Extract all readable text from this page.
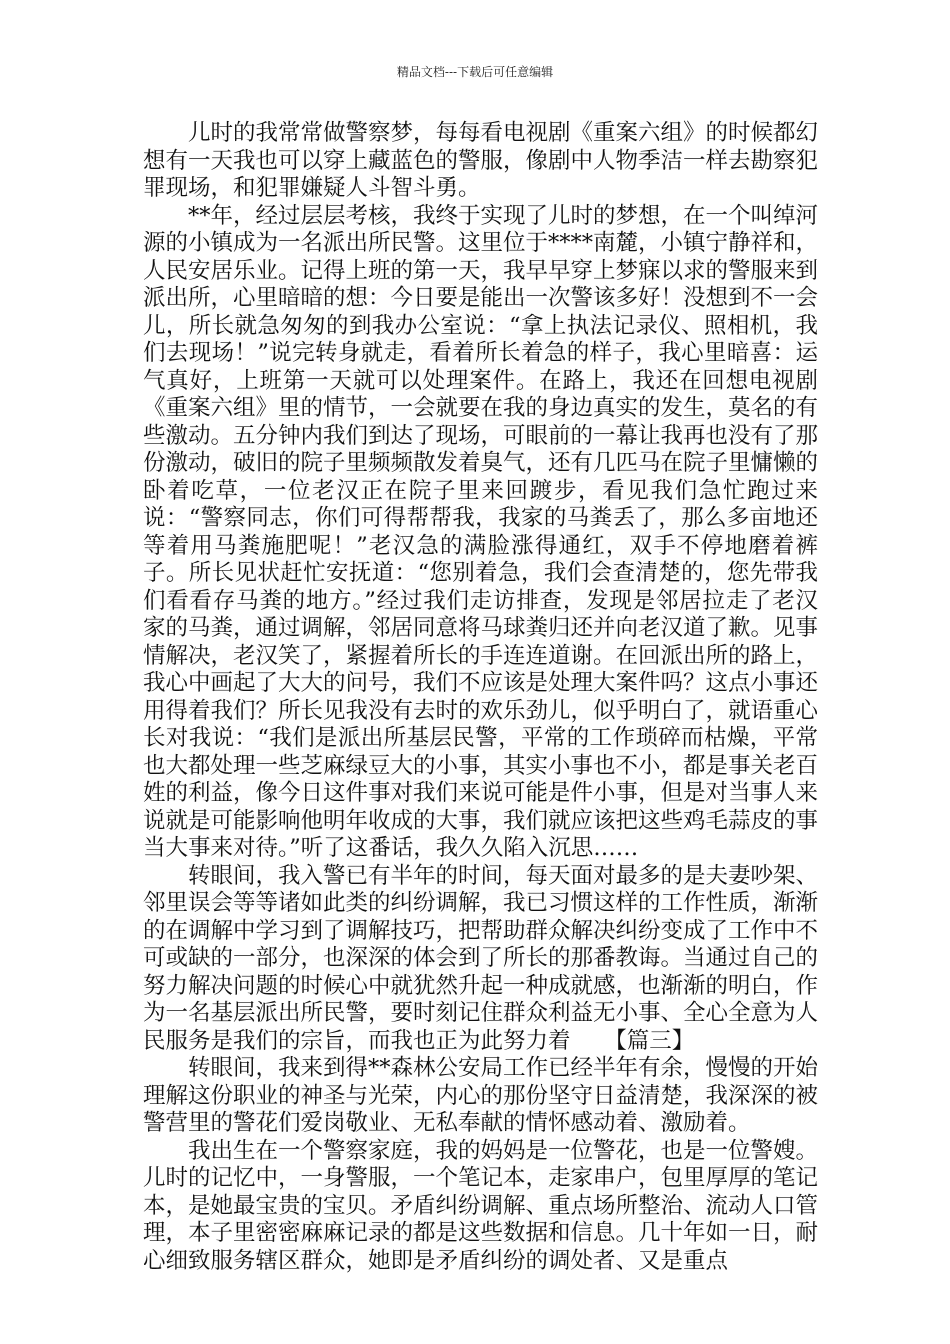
精品文档---下载后可任意编辑

儿时的我常常做警察梦，每每看电视剧《重案六组》的时候都幻想有一天我也可以穿上藏蓝色的警服，像剧中人物季洁一样去勘察犯罪现场，和犯罪嫌疑人斗智斗勇。

**年，经过层层考核，我终于实现了儿时的梦想，在一个叫绰河源的小镇成为一名派出所民警。这里位于****南麓，小镇宁静祥和，人民安居乐业。记得上班的第一天，我早早穿上梦寐以求的警服来到派出所，心里暗暗的想：今日要是能出一次警该多好！没想到不一会儿，所长就急匆匆的到我办公室说：“拿上执法记录仪、照相机，我们去现场！”说完转身就走，看着所长着急的样子，我心里暗喜：运气真好，上班第一天就可以处理案件。在路上，我还在回想电视剧《重案六组》里的情节，一会就要在我的身边真实的发生，莫名的有些激动。五分钟内我们到达了现场，可眼前的一幕让我再也没有了那份激动，破旧的院子里频频散发着臭气，还有几匹马在院子里慵懒的卧着吃草，一位老汉正在院子里来回踱步，看见我们急忙跑过来说：“警察同志，你们可得帮帮我，我家的马粪丢了，那么多亩地还等着用马粪施肥呢！”老汉急的满脸涨得通红，双手不停地磨着裤子。所长见状赶忙安抚道：“您别着急，我们会查清楚的，您先带我们看看存马粪的地方。”经过我们走访排查，发现是邻居拉走了老汉家的马粪，通过调解，邻居同意将马球粪归还并向老汉道了歉。见事情解决，老汉笑了，紧握着所长的手连连道谢。在回派出所的路上，我心中画起了大大的问号，我们不应该是处理大案件吗？这点小事还用得着我们？所长见我没有去时的欢乐劲儿，似乎明白了，就语重心长对我说：“我们是派出所基层民警，平常的工作琐碎而枯燥，平常也大都处理一些芝麻绿豆大的小事，其实小事也不小，都是事关老百姓的利益，像今日这件事对我们来说可能是件小事，但是对当事人来说就是可能影响他明年收成的大事，我们就应该把这些鸡毛蒜皮的事当大事来对待。”听了这番话，我久久陷入沉思……

转眼间，我入警已有半年的时间，每天面对最多的是夫妻吵架、邻里误会等等诸如此类的纠纷调解，我已习惯这样的工作性质，渐渐的在调解中学习到了调解技巧，把帮助群众解决纠纷变成了工作中不可或缺的一部分，也深深的体会到了所长的那番教诲。当通过自己的努力解决问题的时候心中就犹然升起一种成就感，也渐渐的明白，作为一名基层派出所民警，要时刻记住群众利益无小事、全心全意为人民服务是我们的宗旨，而我也正为此努力着　　【篇三】

转眼间，我来到得**森林公安局工作已经半年有余，慢慢的开始理解这份职业的神圣与光荣，内心的那份坚守日益清楚，我深深的被警营里的警花们爱岗敬业、无私奉献的情怀感动着、激励着。

我出生在一个警察家庭，我的妈妈是一位警花，也是一位警嫂。儿时的记忆中，一身警服，一个笔记本，走家串户，包里厚厚的笔记本，是她最宝贵的宝贝。矛盾纠纷调解、重点场所整治、流动人口管理，本子里密密麻麻记录的都是这些数据和信息。几十年如一日，耐心细致服务辖区群众，她即是矛盾纠纷的调处者、又是重点
